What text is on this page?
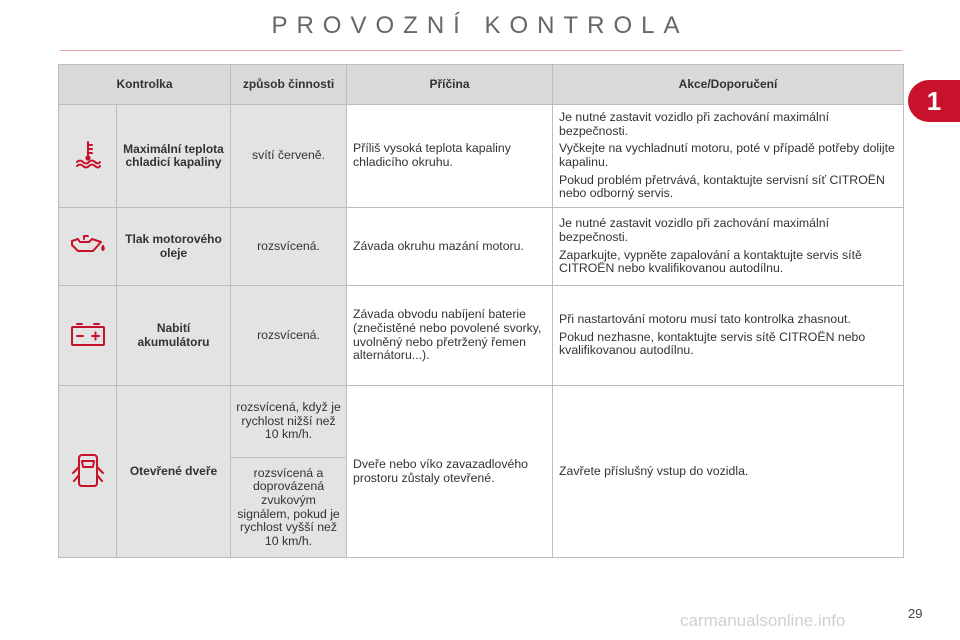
PROVOZNÍ KONTROLA
1
Kontrolka		způsob činnosti	Příčina	Akce/Doporučení
	Maximální teplota chladicí kapaliny	svítí červeně.	Příliš vysoká teplota kapaliny chladicího okruhu.	Je nutné zastavit vozidlo při zachování maximální bezpečnosti.

Vyčkejte na vychladnutí motoru, poté v případě potřeby dolijte kapalinu.

Pokud problém přetrvává, kontaktujte servisní síť CITROËN nebo odborný servis.

	Tlak motorového oleje	rozsvícená.	Závada okruhu mazání motoru.	Je nutné zastavit vozidlo při zachování maximální bezpečnosti.

Zaparkujte, vypněte zapalování a kontaktujte servis sítě CITROËN nebo kvalifikovanou autodílnu.

	Nabití akumulátoru	rozsvícená.	Závada obvodu nabíjení baterie (znečistěné nebo povolené svorky, uvolněný nebo přetržený řemen alternátoru...).	Při nastartování motoru musí tato kontrolka zhasnout.

Pokud nezhasne, kontaktujte servis sítě CITROËN nebo kvalifikovanou autodílnu.

	Otevřené dveře	rozsvícená, když je rychlost nižší než 10 km/h.	Dveře nebo víko zavazadlového prostoru zůstaly otevřené.	Zavřete příslušný vstup do vozidla.

		rozsvícená a doprovázená zvukovým signálem, pokud je rychlost vyšší než 10 km/h.		
29
carmanualsonline.info
